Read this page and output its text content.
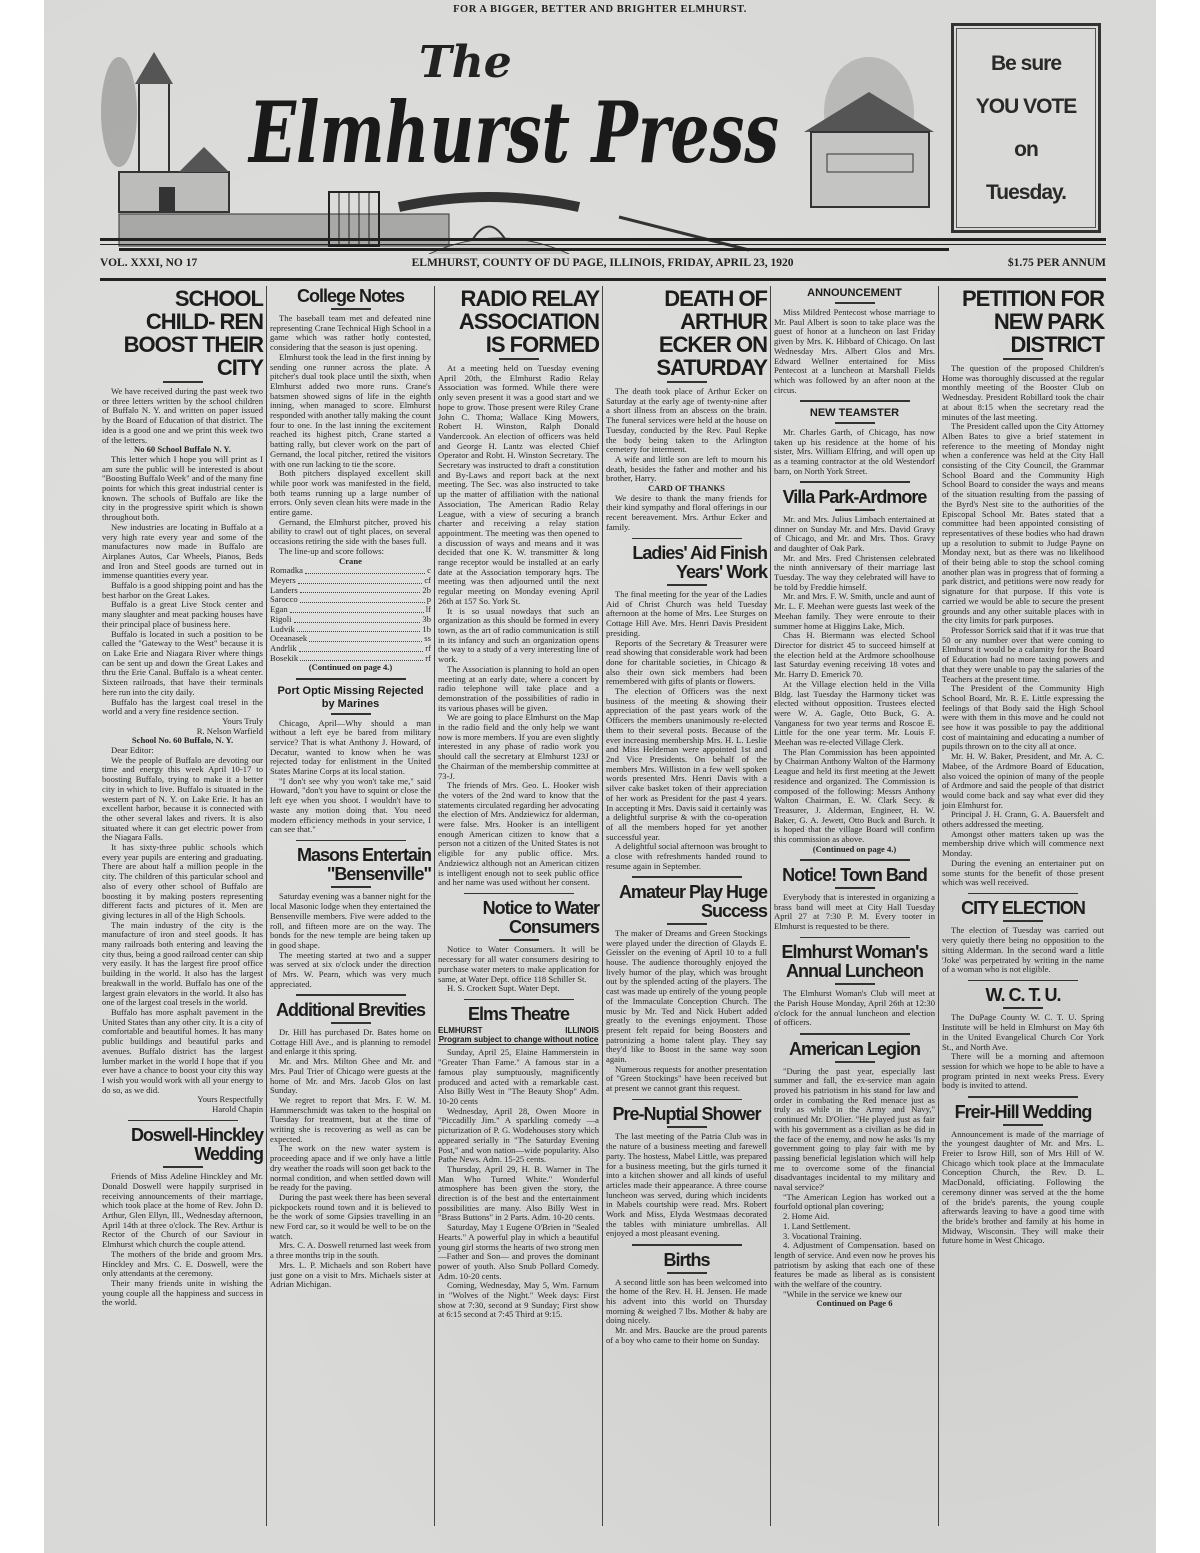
FOR A BIGGER, BETTER AND BRIGHTER ELMHURST.
The
Elmhurst Press
Be sure
YOU VOTE
on
Tuesday.
VOL. XXXI, NO 17	ELMHURST, COUNTY OF DU PAGE, ILLINOIS, FRIDAY, APRIL 23, 1920	$1.75 PER ANNUM
SCHOOL CHILD- REN BOOST THEIR CITY

We have received during the past week two or three letters written by the school children of Buffalo N. Y. and written on paper issued by the Board of Education of that district. The idea is a good one and we print this week two of the letters.

No 60 School Buffalo N. Y.

This letter which I hope you will print as I am sure the public will be interested is about "Boosting Buffalo Week" and of the many fine points for which this great industrial center is known. The schools of Buffalo are like the city in the progressive spirit which is shown throughout both.

New industries are locating in Buffalo at a very high rate every year and some of the manufactures now made in Buffalo are Airplanes Autos, Car Wheels, Pianos, Beds and Iron and Steel goods are turned out in immense quantities every year.

Buffalo is a good shipping point and has the best harbor on the Great Lakes.

Buffalo is a great Live Stock center and many slaughter and meat packing houses have their principal place of business here.

Buffalo is located in such a position to be called the "Gateway to the West" because it is on Lake Erie and Niagara River where things can be sent up and down the Great Lakes and thru the Erie Canal. Buffalo is a wheat center. Sixteen railroads, that have their terminals here run into the city daily.

Buffalo has the largest coal tresel in the world and a very fine residence section.

Yours Truly

R. Nelson Warfield

School No. 60 Buffalo, N. Y.

Dear Editor:

We the people of Buffalo are devoting our time and energy this week April 10-17 to boosting Buffalo, trying to make it a better city in which to live. Buffalo is situated in the western part of N. Y. on Lake Erie. It has an excellent harbor, because it is connected with the other several lakes and rivers. It is also situated where it can get electric power from the Niagara Falls.

It has sixty-three public schools which every year pupils are entering and graduating. There are about half a million people in the city. The children of this particular school and also of every other school of Buffalo are boosting it by making posters representing different facts and pictures of it. Men are giving lectures in all of the High Schools.

The main industry of the city is the manufacture of iron and steel goods. It has many railroads both entering and leaving the city thus, being a good railroad center can ship very easily. It has the largest fire proof office building in the world. It also has the largest breakwall in the world. Buffalo has one of the largest grain elevators in the world. It also has one of the largest coal tresels in the world.

Buffalo has more asphalt pavement in the United States than any other city. It is a city of comfortable and beautiful homes. It has many public buildings and beautiful parks and avenues. Buffalo district has the largest lumber market in the world I hope that if you ever have a chance to boost your city this way I wish you would work with all your energy to do so, as we did.

Yours Respectfully

Harold Chapin

Doswell-Hinckley Wedding

Friends of Miss Adeline Hinckley and Mr. Donald Doswell were happily surprised in receiving announcements of their marriage, which took place at the home of Rev. John D. Arthur, Glen Ellyn, Ill., Wednesday afternoon, April 14th at three o'clock. The Rev. Arthur is Rector of the Church of our Saviour in Elmhurst which church the couple attend.

The mothers of the bride and groom Mrs. Hinckley and Mrs. C. E. Doswell, were the only attendants at the ceremony.

Their many friends unite in wishing the young couple all the happiness and success in the world.

College Notes

The baseball team met and defeated nine representing Crane Technical High School in a game which was rather hotly contested, considering that the season is just opening.

Elmhurst took the lead in the first inning by sending one runner across the plate. A pitcher's dual took place until the sixth, when Elmhurst added two more runs. Crane's batsmen showed signs of life in the eighth inning, when managed to score. Elmhurst responded with another tally making the count four to one. In the last inning the excitement reached its highest pitch, Crane started a batting rally, but clever work on the part of Gernand, the local pitcher, retired the visitors with one run lacking to tie the score.

Both pitchers displayed excellent skill while poor work was manifested in the field, both teams running up a large number of errors. Only seven clean hits were made in the entire game.

Gernand, the Elmhurst pitcher, proved his ability to crawl out of tight places, on several occasions retiring the side with the bases full.

The line-up and score follows:

Crane

Romadka	c
Meyers	cf
Landers	2b
Sarocco	p
Egan	lf
Rigoli	3b
Ludvik	1b
Oceanasek	ss
Andrlik	rf
Bosekik	rf

(Continued on page 4.)

Port Optic Missing Rejected by Marines

Chicago, April—Why should a man without a left eye be bared from military service? That is what Anthony J. Howard, of Decatur, wanted to know when he was rejected today for enlistment in the United States Marine Corps at its local station.

"I don't see why you won't take me," said Howard, "don't you have to squint or close the left eye when you shoot. I wouldn't have to waste any motion doing that. You need modern efficiency methods in your service, I can see that."

Masons Entertain "Bensenville"

Saturday evening was a banner night for the local Masonic lodge when they entertained the Bensenville members. Five were added to the roll, and fifteen more are on the way. The bonds for the new temple are being taken up in good shape.

The meeting started at two and a supper was served at six o'clock under the direction of Mrs. W. Pearn, which was very much appreciated.

Additional Brevities

Dr. Hill has purchased Dr. Bates home on Cottage Hill Ave., and is planning to remodel and enlarge it this spring.

Mr. and Mrs. Milton Ghee and Mr. and Mrs. Paul Trier of Chicago were guests at the home of Mr. and Mrs. Jacob Glos on last Sunday.

We regret to report that Mrs. F. W. M. Hammerschmidt was taken to the hospital on Tuesday for treatment, but at the time of writing she is recovering as well as can be expected.

The work on the new water system is proceeding apace and if we only have a little dry weather the roads will soon get back to the normal condition, and when settled down will be ready for the paving.

During the past week there has been several pickpockets round town and it is believed to be the work of some Gipsies travelling in an new Ford car, so it would be well to be on the watch.

Mrs. C. A. Doswell returned last week from a three months trip in the south.

Mrs. L. P. Michaels and son Robert have just gone on a visit to Mrs. Michaels sister at Adrian Michigan.

RADIO RELAY ASSOCIATION IS FORMED

At a meeting held on Tuesday evening April 20th, the Elmhurst Radio Relay Association was formed. While there were only seven present it was a good start and we hope to grow. Those present were Riley Crane John C. Thoma; Wallace King Mowers, Robert H. Winston, Ralph Donald Vandercook. An election of officers was held and George H. Lantz was elected Chief Operator and Robt. H. Winston Secretary. The Secretary was instructed to draft a constitution and By-Laws and report back at the next meeting. The Sec. was also instructed to take up the matter of affiliation with the national Association, The American Radio Relay League, with a view of securing a branch charter and receiving a relay station appointment. The meeting was then opened to a discussion of ways and means and it was decided that one K. W. transmitter & long range receptor would be installed at an early date at the Association temporary hqrs. The meeting was then adjourned until the next regular meeting on Monday evening April 26th at 157 So. York St.

It is so usual nowdays that such an organization as this should be formed in every town, as the art of radio communication is still in its infancy and such an organization opens the way to a study of a very interesting line of work.

The Association is planning to hold an open meeting at an early date, where a concert by radio telephone will take place and a demonstration of the possibilities of radio in its various phases will be given.

We are going to place Elmhurst on the Map in the radio field and the only help we want now is more members. If you are even slightly interested in any phase of radio work you should call the secretary at Elmhurst 123J or the Chairman of the membership committee at 73-J.

The friends of Mrs. Geo. L. Hooker wish the voters of the 2nd ward to know that the statements circulated regarding her advocating the election of Mrs. Andziewicz for alderman, were false. Mrs. Hooker is an intelligent enough American citizen to know that a person not a citizen of the United States is not eligible for any public office. Mrs. Andziewicz although not an American citizen is intelligent enough not to seek public office and her name was used without her consent.

Notice to Water Consumers

Notice to Water Consumers. It will be necessary for all water consumers desiring to purchase water meters to make application for same, at Water Dept. office 118 Schiller St.

H. S. Crockett Supt. Water Dept.

Elms Theatre
ELMHURST	ILLINOIS
Program subject to change without notice

Sunday, April 25, Elaine Hammerstein in "Greater Than Fame." A famous star in a famous play sumptuously, magnificently produced and acted with a remarkable cast. Also Billy West in "The Beauty Shop" Adm. 10-20 cents

Wednesday, April 28, Owen Moore in "Piccadilly Jim." A sparkling comedy —a picturization of P. G. Wodehouses story which appeared serially in "The Saturday Evening Post," and won nation—wide popularity. Also Pathe News. Adm. 15-25 cents.

Thursday, April 29, H. B. Warner in The Man Who Turned White." Wonderful atmosphere has been given the story, the direction is of the best and the entertainment possibilities are many. Also Billy West in "Brass Buttons" in 2 Parts. Adm. 10-20 cents.

Saturday, May 1 Eugene O'Brien in "Sealed Hearts." A powerful play in which a beautiful young girl storms the hearts of two strong men —Father and Son— and proves the dominant power of youth. Also Snub Pollard Comedy. Adm. 10-20 cents.

Coming, Wednesday, May 5, Wm. Farnum in "Wolves of the Night." Week days: First show at 7:30, second at 9 Sunday; First show at 6:15 second at 7:45 Third at 9:15.

DEATH OF ARTHUR ECKER ON SATURDAY

The death took place of Arthur Ecker on Saturday at the early age of twenty-nine after a short illness from an abscess on the brain. The funeral services were held at the house on Tuesday, conducted by the Rev. Paul Repke the body being taken to the Arlington cemetery for interment.

A wife and little son are left to mourn his death, besides the father and mother and his brother, Harry.

CARD OF THANKS

We desire to thank the many friends for their kind sympathy and floral offerings in our recent bereavement. Mrs. Arthur Ecker and family.

Ladies' Aid Finish Years' Work

The final meeting for the year of the Ladies Aid of Christ Church was held Tuesday afternoon at the home of Mrs. Lee Sturges on Cottage Hill Ave. Mrs. Henri Davis President presiding.

Reports of the Secretary & Treasurer were read showing that considerable work had been done for charitable societies, in Chicago & also their own sick members had been remembered with gifts of plants or flowers.

The election of Officers was the next business of the meeting & showing their appreciation of the past years work of the Officers the members unanimously re-elected them to their several posts. Because of the ever increasing membership Mrs. H. L. Leslie and Miss Heldeman were appointed 1st and 2nd Vice Presidents. On behalf of the members Mrs. Williston in a few well spoken words presented Mrs. Henri Davis with a silver cake basket token of their appreciation of her work as President for the past 4 years. In accepting it Mrs. Davis said it certainly was a delightful surprise & with the co-operation of all the members hoped for yet another successful year.

A delightful social afternoon was brought to a close with refreshments handed round to resume again in September.

Amateur Play Huge Success

The maker of Dreams and Green Stockings were played under the direction of Glayds E. Geissler on the evening of April 10 to a full house. The audience thoroughly enjoyed the lively humor of the play, which was brought out by the splended acting of the players. The cast was made up entirely of the young people of the Immaculate Conception Church. The music by Mr. Ted and Nick Hubert added greatly to the evenings enjoyment. Those present felt repaid for being Boosters and patronizing a home talent play. They say they'd like to Boost in the same way soon again.

Numerous requests for another presentation of "Green Stockings" have been received but at present we cannot grant this request.

Pre-Nuptial Shower

The last meeting of the Patria Club was in the nature of a business meeting and farewell party. The hostess, Mabel Little, was prepared for a business meeting, but the girls turned it into a kitchen shower and all kinds of useful articles made their appearance. A three course luncheon was served, during which incidents in Mabels courtship were read. Mrs. Robert Work and Miss, Elyda Westmaas decorated the tables with miniature umbrellas. All enjoyed a most pleasant evening.

Births

A second little son has been welcomed into the home of the Rev. H. H. Jensen. He made his advent into this world on Thursday morning & weighed 7 lbs. Mother & baby are doing nicely.

Mr. and Mrs. Baucke are the proud parents of a boy who came to their home on Sunday.

ANNOUNCEMENT

Miss Mildred Pentecost whose marriage to Mr. Paul Albert is soon to take place was the guest of honor at a luncheon on last Friday given by Mrs. K. Hibbard of Chicago. On last Wednesday Mrs. Albert Glos and Mrs. Edward Wellner entertained for Miss Pentecost at a luncheon at Marshall Fields which was followed by an after noon at the circus.

NEW TEAMSTER

Mr. Charles Garth, of Chicago, has now taken up his residence at the home of his sister, Mrs. William Elfring, and will open up as a teaming contractor at the old Westendorf barn, on North York Street.

Villa Park-Ardmore

Mr. and Mrs. Julius Limbach entertained at dinner on Sunday Mr. and Mrs. David Gravy of Chicago, and Mr. and Mrs. Thos. Gravy and daughter of Oak Park.

Mr. and Mrs. Fred Christensen celebrated the ninth anniversary of their marriage last Tuesday. The way they celebrated will have to be told by Freddie himself.

Mr. and Mrs. F. W. Smith, uncle and aunt of Mr. L. F. Meehan were guests last week of the Meehan family. They were enroute to their summer home at Higgins Lake, Mich.

Chas H. Biermann was elected School Director for district 45 to succeed himself at the election held at the Ardmore schoolhouse last Saturday evening receiving 18 votes and Mr. Harry D. Emerick 70.

At the Village election held in the Villa Bldg. last Tuesday the Harmony ticket was elected without opposition. Trustees elected were W. A. Gagle, Otto Buck, G. A. Vanganess for two year terms and Roscoe E. Little for the one year term. Mr. Louis F. Meehan was re-elected Village Clerk.

The Plan Commission has been appointed by Chairman Anthony Walton of the Harmony League and held its first meeting at the Jewett residence and organized. The Commission is composed of the following: Messrs Anthony Walton Chairman, E. W. Clark Secy. & Treasurer, J. Alderman, Engineer, H. W. Baker, G. A. Jewett, Otto Buck and Burch. It is hoped that the village Board will confirm this commission as above.

(Continued on page 4.)

Notice! Town Band

Everybody that is interested in organizing a brass band will meet at City Hall Tuesday April 27 at 7:30 P. M. Every tooter in Elmhurst is requested to be there.

Elmhurst Woman's Annual Luncheon

The Elmhurst Woman's Club will meet at the Parish House Monday, April 26th at 12:30 o'clock for the annual luncheon and election of officers.

American Legion

"During the past year, especially last summer and fall, the ex-service man again proved his patriotism in his stand for law and order in combating the Red menace just as truly as while in the Army and Navy," continued Mr. D'Olier. "He played just as fair with his government as a civilian as he did in the face of the enemy, and now he asks 'Is my government going to play fair with me by passing beneficial legislation which will help me to overcome some of the financial disadvantages incidental to my military and naval service?'

"The American Legion has worked out a fourfold optional plan covering;

2. Home Aid.

1. Land Settlement.

3. Vocational Training.

4. Adjustment of Compensation. based on length of service. And even now he proves his patriotism by asking that each one of these features be made as liberal as is consistent with the welfare of the country.

"While in the service we knew our

Continued on Page 6

PETITION FOR NEW PARK DISTRICT

The question of the proposed Children's Home was thoroughly discussed at the regular monthly meeting of the Booster Club on Wednesday. President Robillard took the chair at about 8:15 when the secretary read the minutes of the last meeting.

The President called upon the City Attorney Alben Bates to give a brief statement in reference to the meeting of Monday night when a conference was held at the City Hall consisting of the City Council, the Grammar School Board and the Community High School Board to consider the ways and means of the situation resulting from the passing of the Byrd's Nest site to the authorities of the Episcopal School Mr. Bates stated that a committee had been appointed consisting of representatives of these bodies who had drawn up a resolution to submit to Judge Payne on Monday next, but as there was no likelihood of their being able to stop the school coming another plan was in progress that of forming a park district, and petitions were now ready for signature for that purpose. If this vote is carried we would be able to secure the present grounds and any other suitable places with in the city limits for park purposes.

Professor Sorrick said that if it was true that 50 or any number over that were coming to Elmhurst it would be a calamity for the Board of Education had no more taxing powers and that they were unable to pay the salaries of the Teachers at the present time.

The President of the Community High School Board, Mr. R. E. Little expressing the feelings of that Body said the High School were with them in this move and he could not see how it was possible to pay the additional cost of maintaining and educating a number of pupils thrown on to the city all at once.

Mr. H. W. Baker, President, and Mr. A. C. Mabee, of the Ardmore Board of Education, also voiced the opinion of many of the people of Ardmore and said the people of that district would come back and say what ever did they join Elmhurst for.

Principal J. H. Crann, G. A. Bauersfelt and others addressed the meeting.

Amongst other matters taken up was the membership drive which will commence next Monday.

During the evening an entertainer put on some stunts for the benefit of those present which was well received.

CITY ELECTION

The election of Tuesday was carried out very quietly there being no opposition to the sitting Alderman. In the second ward a little 'Joke' was perpetrated by writing in the name of a woman who is not eligible.

W. C. T. U.

The DuPage County W. C. T. U. Spring Institute will be held in Elmhurst on May 6th in the United Evangelical Church Cor York St., and North Ave.

There will be a morning and afternoon session for which we hope to be able to have a program printed in next weeks Press. Every body is invited to attend.

Freir-Hill Wedding

Announcement is made of the marriage of the youngest daughter of Mr. and Mrs. L. Freier to Isrow Hill, son of Mrs Hill of W. Chicago which took place at the Immaculate Conception Church, the Rev. D. L. MacDonald, officiating. Following the ceremony dinner was served at the the home of the bride's parents, the young couple afterwards leaving to have a good time with the bride's brother and family at his home in Midway, Wisconsin. They will make their future home in West Chicago.
